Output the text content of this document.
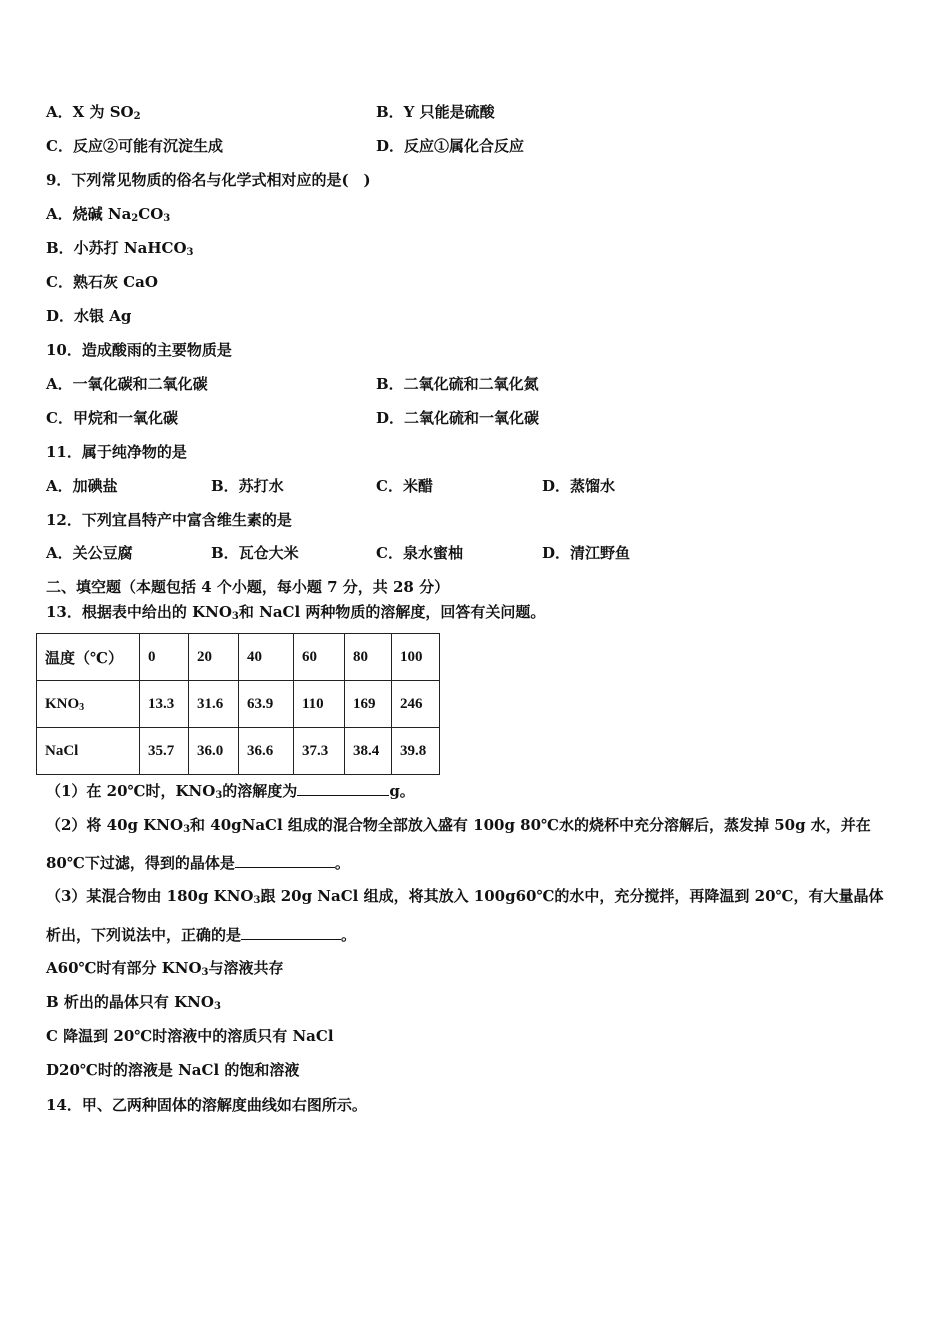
A．X 为 SO2	B．Y 只能是硫酸
C．反应②可能有沉淀生成	D．反应①属化合反应
9．下列常见物质的俗名与化学式相对应的是(　)
A．烧碱 Na2CO3
B．小苏打 NaHCO3
C．熟石灰 CaO
D．水银 Ag
10．造成酸雨的主要物质是
A．一氧化碳和二氧化碳	B．二氧化硫和二氧化氮
C．甲烷和一氧化碳	D．二氧化硫和一氧化碳
11．属于纯净物的是
A．加碘盐	B．苏打水	C．米醋	D．蒸馏水
12．下列宜昌特产中富含维生素的是
A．关公豆腐	B．瓦仓大米	C．泉水蜜柚	D．清江野鱼
二、填空题（本题包括 4 个小题，每小题 7 分，共 28 分）
13．根据表中给出的 KNO3和 NaCl 两种物质的溶解度，回答有关问题。
温度（℃）	0	20	40	60	80	100
KNO3	13.3	31.6	63.9	110	169	246
NaCl	35.7	36.0	36.6	37.3	38.4	39.8
（1）在 20℃时，KNO3的溶解度为	g。
（2）将 40g KNO3和 40gNaCl 组成的混合物全部放入盛有 100g 80℃水的烧杯中充分溶解后，蒸发掉 50g 水，并在
80℃下过滤，得到的晶体是	。
（3）某混合物由 180g KNO3跟 20g NaCl 组成，将其放入 100g60℃的水中，充分搅拌，再降温到 20℃，有大量晶体
析出，下列说法中，正确的是	。
A60℃时有部分 KNO3与溶液共存
B 析出的晶体只有 KNO3
C 降温到 20℃时溶液中的溶质只有 NaCl
D20℃时的溶液是 NaCl 的饱和溶液
14．甲、乙两种固体的溶解度曲线如右图所示。
